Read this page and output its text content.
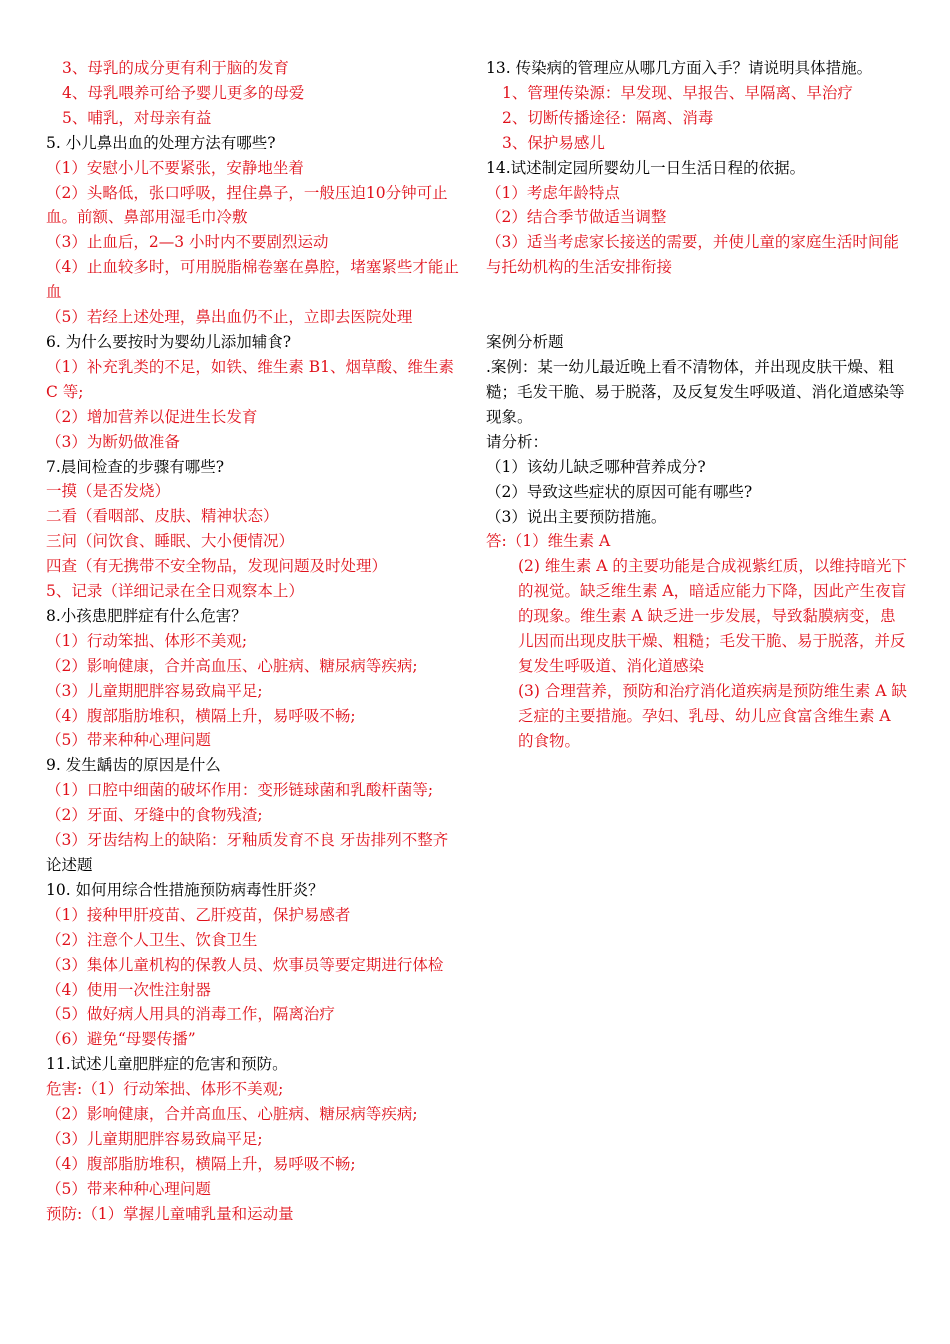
3、母乳的成分更有利于脑的发育
4、母乳喂养可给予婴儿更多的母爱
5、哺乳，对母亲有益
5. 小儿鼻出血的处理方法有哪些?
（1）安慰小儿不要紧张，安静地坐着
（2）头略低，张口呼吸，捏住鼻子，一般压迫10分钟可止血。前额、鼻部用湿毛巾冷敷
（3）止血后，2—3 小时内不要剧烈运动
（4）止血较多时，可用脱脂棉卷塞在鼻腔，堵塞紧些才能止血
（5）若经上述处理，鼻出血仍不止，立即去医院处理
6. 为什么要按时为婴幼儿添加辅食?
（1）补充乳类的不足，如铁、维生素 B1、烟草酸、维生素 C 等;
（2）增加营养以促进生长发育
（3）为断奶做准备
7.晨间检查的步骤有哪些?
一摸（是否发烧）
二看（看咽部、皮肤、精神状态）
三问（问饮食、睡眠、大小便情况）
四查（有无携带不安全物品，发现问题及时处理）
5、记录（详细记录在全日观察本上）
8.小孩患肥胖症有什么危害？
（1）行动笨拙、体形不美观;
（2）影响健康，合并高血压、心脏病、糖尿病等疾病;
（3）儿童期肥胖容易致扁平足;
（4）腹部脂肪堆积，横隔上升，易呼吸不畅;
（5）带来种种心理问题
9. 发生龋齿的原因是什么
（1）口腔中细菌的破坏作用：变形链球菌和乳酸杆菌等;
（2）牙面、牙缝中的食物残渣;
（3）牙齿结构上的缺陷：牙釉质发育不良 牙齿排列不整齐
论述题
10. 如何用综合性措施预防病毒性肝炎？
（1）接种甲肝疫苗、乙肝疫苗，保护易感者
（2）注意个人卫生、饮食卫生
（3）集体儿童机构的保教人员、炊事员等要定期进行体检
（4）使用一次性注射器
（5）做好病人用具的消毒工作，隔离治疗
（6）避免“母婴传播”
11.试述儿童肥胖症的危害和预防。
危害:（1）行动笨拙、体形不美观;
（2）影响健康，合并高血压、心脏病、糖尿病等疾病;
（3）儿童期肥胖容易致扁平足;
（4）腹部脂肪堆积，横隔上升，易呼吸不畅;
（5）带来种种心理问题
预防:（1）掌握儿童哺乳量和运动量
13. 传染病的管理应从哪几方面入手？请说明具体措施。
1、管理传染源：早发现、早报告、早隔离、早治疗
2、切断传播途径：隔离、消毒
3、保护易感儿
14.试述制定园所婴幼儿一日生活日程的依据。
（1）考虑年龄特点
（2）结合季节做适当调整
（3）适当考虑家长接送的需要，并使儿童的家庭生活时间能与托幼机构的生活安排衔接
案例分析题
.案例：某一幼儿最近晚上看不清物体，并出现皮肤干燥、粗糙；毛发干脆、易于脱落，及反复发生呼吸道、消化道感染等现象。
请分析：
（1）该幼儿缺乏哪种营养成分?
（2）导致这些症状的原因可能有哪些?
（3）说出主要预防措施。
答:（1）维生素 A
(2) 维生素 A 的主要功能是合成视紫红质，以维持暗光下的视觉。缺乏维生素 A，暗适应能力下降，因此产生夜盲的现象。维生素 A 缺乏进一步发展，导致黏膜病变，患儿因而出现皮肤干燥、粗糙；毛发干脆、易于脱落，并反复发生呼吸道、消化道感染
(3) 合理营养，预防和治疗消化道疾病是预防维生素 A 缺乏症的主要措施。孕妇、乳母、幼儿应食富含维生素 A 的食物。
